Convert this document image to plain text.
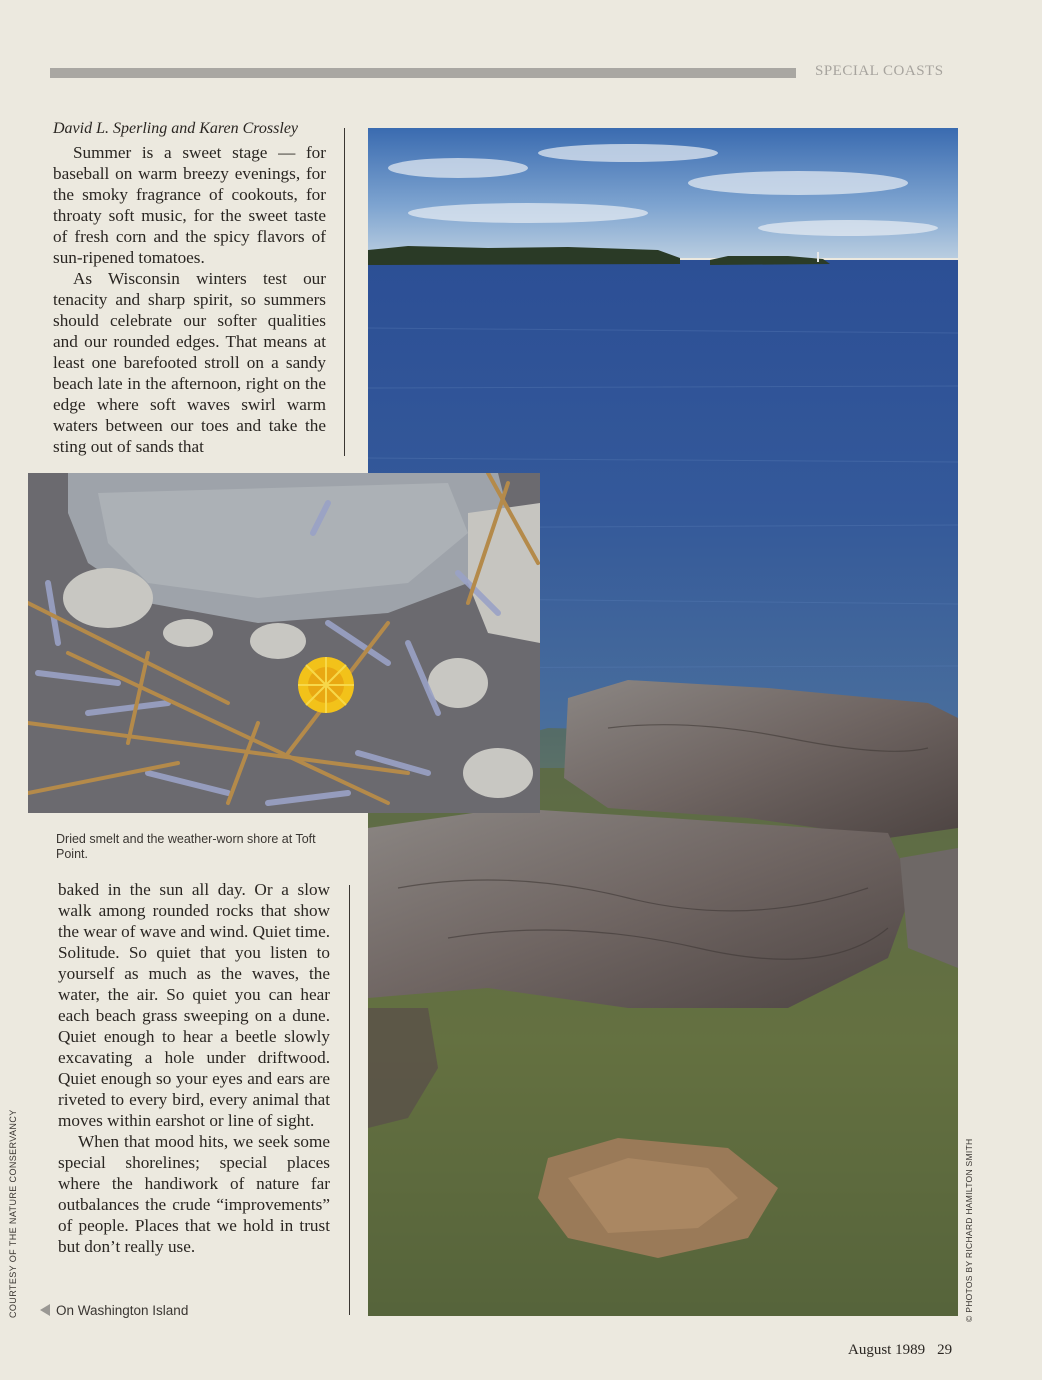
SPECIAL COASTS
David L. Sperling and Karen Crossley

Summer is a sweet stage — for baseball on warm breezy evenings, for the smoky fragrance of cookouts, for throaty soft music, for the sweet taste of fresh corn and the spicy flavors of sun-ripened tomatoes.

As Wisconsin winters test our tenacity and sharp spirit, so summers should celebrate our softer qualities and our rounded edges. That means at least one barefooted stroll on a sandy beach late in the afternoon, right on the edge where soft waves swirl warm waters between our toes and take the sting out of sands that

Dried smelt and the weather-worn shore at Toft Point.

baked in the sun all day. Or a slow walk among rounded rocks that show the wear of wave and wind. Quiet time. Solitude. So quiet that you listen to yourself as much as the waves, the water, the air. So quiet you can hear each beach grass sweeping on a dune. Quiet enough to hear a beetle slowly excavating a hole under driftwood. Quiet enough so your eyes and ears are riveted to every bird, every animal that moves within earshot or line of sight.

When that mood hits, we seek some special shorelines; special places where the handiwork of nature far outbalances the crude “improvements” of people. Places that we hold in trust but don’t really use.

On Washington Island
COURTESY OF THE NATURE CONSERVANCY	© PHOTOS BY RICHARD HAMILTON SMITH
August 1989 29
